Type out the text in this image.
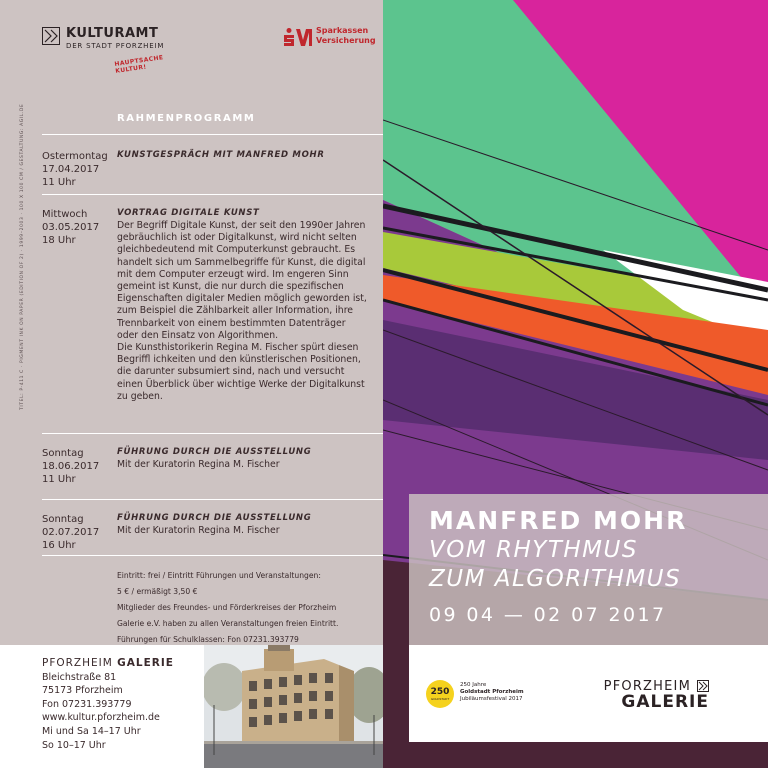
KULTURAMT
DER STADT PFORZHEIM
HAUPTSACHE KULTUR!
Sparkassen
Versicherung
TITEL: P-411 C · PIGMENT INK ON PAPER (EDITION OF 2) · 1999–2003 · 100 X 100 CM / GESTALTUNG: AGIL.DE	RAHMENPROGRAMM
Ostermontag
17.04.2017
11 Uhr
KUNSTGESPRÄCH MIT MANFRED MOHR
Mittwoch
03.05.2017
18 Uhr
VORTRAG DIGITALE KUNST
Der Begriff Digitale Kunst, der seit den 1990er Jahren gebräuchlich ist oder Digitalkunst, wird nicht selten gleichbedeutend mit Computerkunst gebraucht. Es handelt sich um Sammelbegriffe für Kunst, die digital mit dem Computer erzeugt wird. Im engeren Sinn gemeint ist Kunst, die nur durch die spezifischen Eigenschaften digitaler Medien möglich geworden ist, zum Beispiel die Zählbarkeit aller Information, ihre Trennbarkeit von einem bestimmten Datenträger oder den Einsatz von Algorithmen.
Die Kunsthistorikerin Regina M. Fischer spürt diesen Begriffl ichkeiten und den künstlerischen Positionen, die darunter subsumiert sind, nach und versucht einen Überblick über wichtige Werke der Digitalkunst zu geben.
Sonntag
18.06.2017
11 Uhr
FÜHRUNG DURCH DIE AUSSTELLUNG
Mit der Kuratorin Regina M. Fischer
Sonntag
02.07.2017
16 Uhr
FÜHRUNG DURCH DIE AUSSTELLUNG
Mit der Kuratorin Regina M. Fischer
Eintritt: frei / Eintritt Führungen und Veranstaltungen:
5 € / ermäßigt 3,50 €
Mitglieder des Freundes- und Förderkreises der Pforzheim
Galerie e.V. haben zu allen Veranstaltungen freien Eintritt.
Führungen für Schulklassen: Fon 07231.393779
PFORZHEIM GALERIE
Bleichstraße 81
75173 Pforzheim
Fon 07231.393779
www.kultur.pforzheim.de
Mi und Sa 14–17 Uhr
So 10–17 Uhr
MANFRED MOHR
VOM RHYTHMUS
ZUM ALGORITHMUS
09 04 — 02 07 2017
250
GOLDSTADT
250 Jahre
Goldstadt Pforzheim
Jubiläumsfestival 2017
PFORZHEIM
GALERIE
